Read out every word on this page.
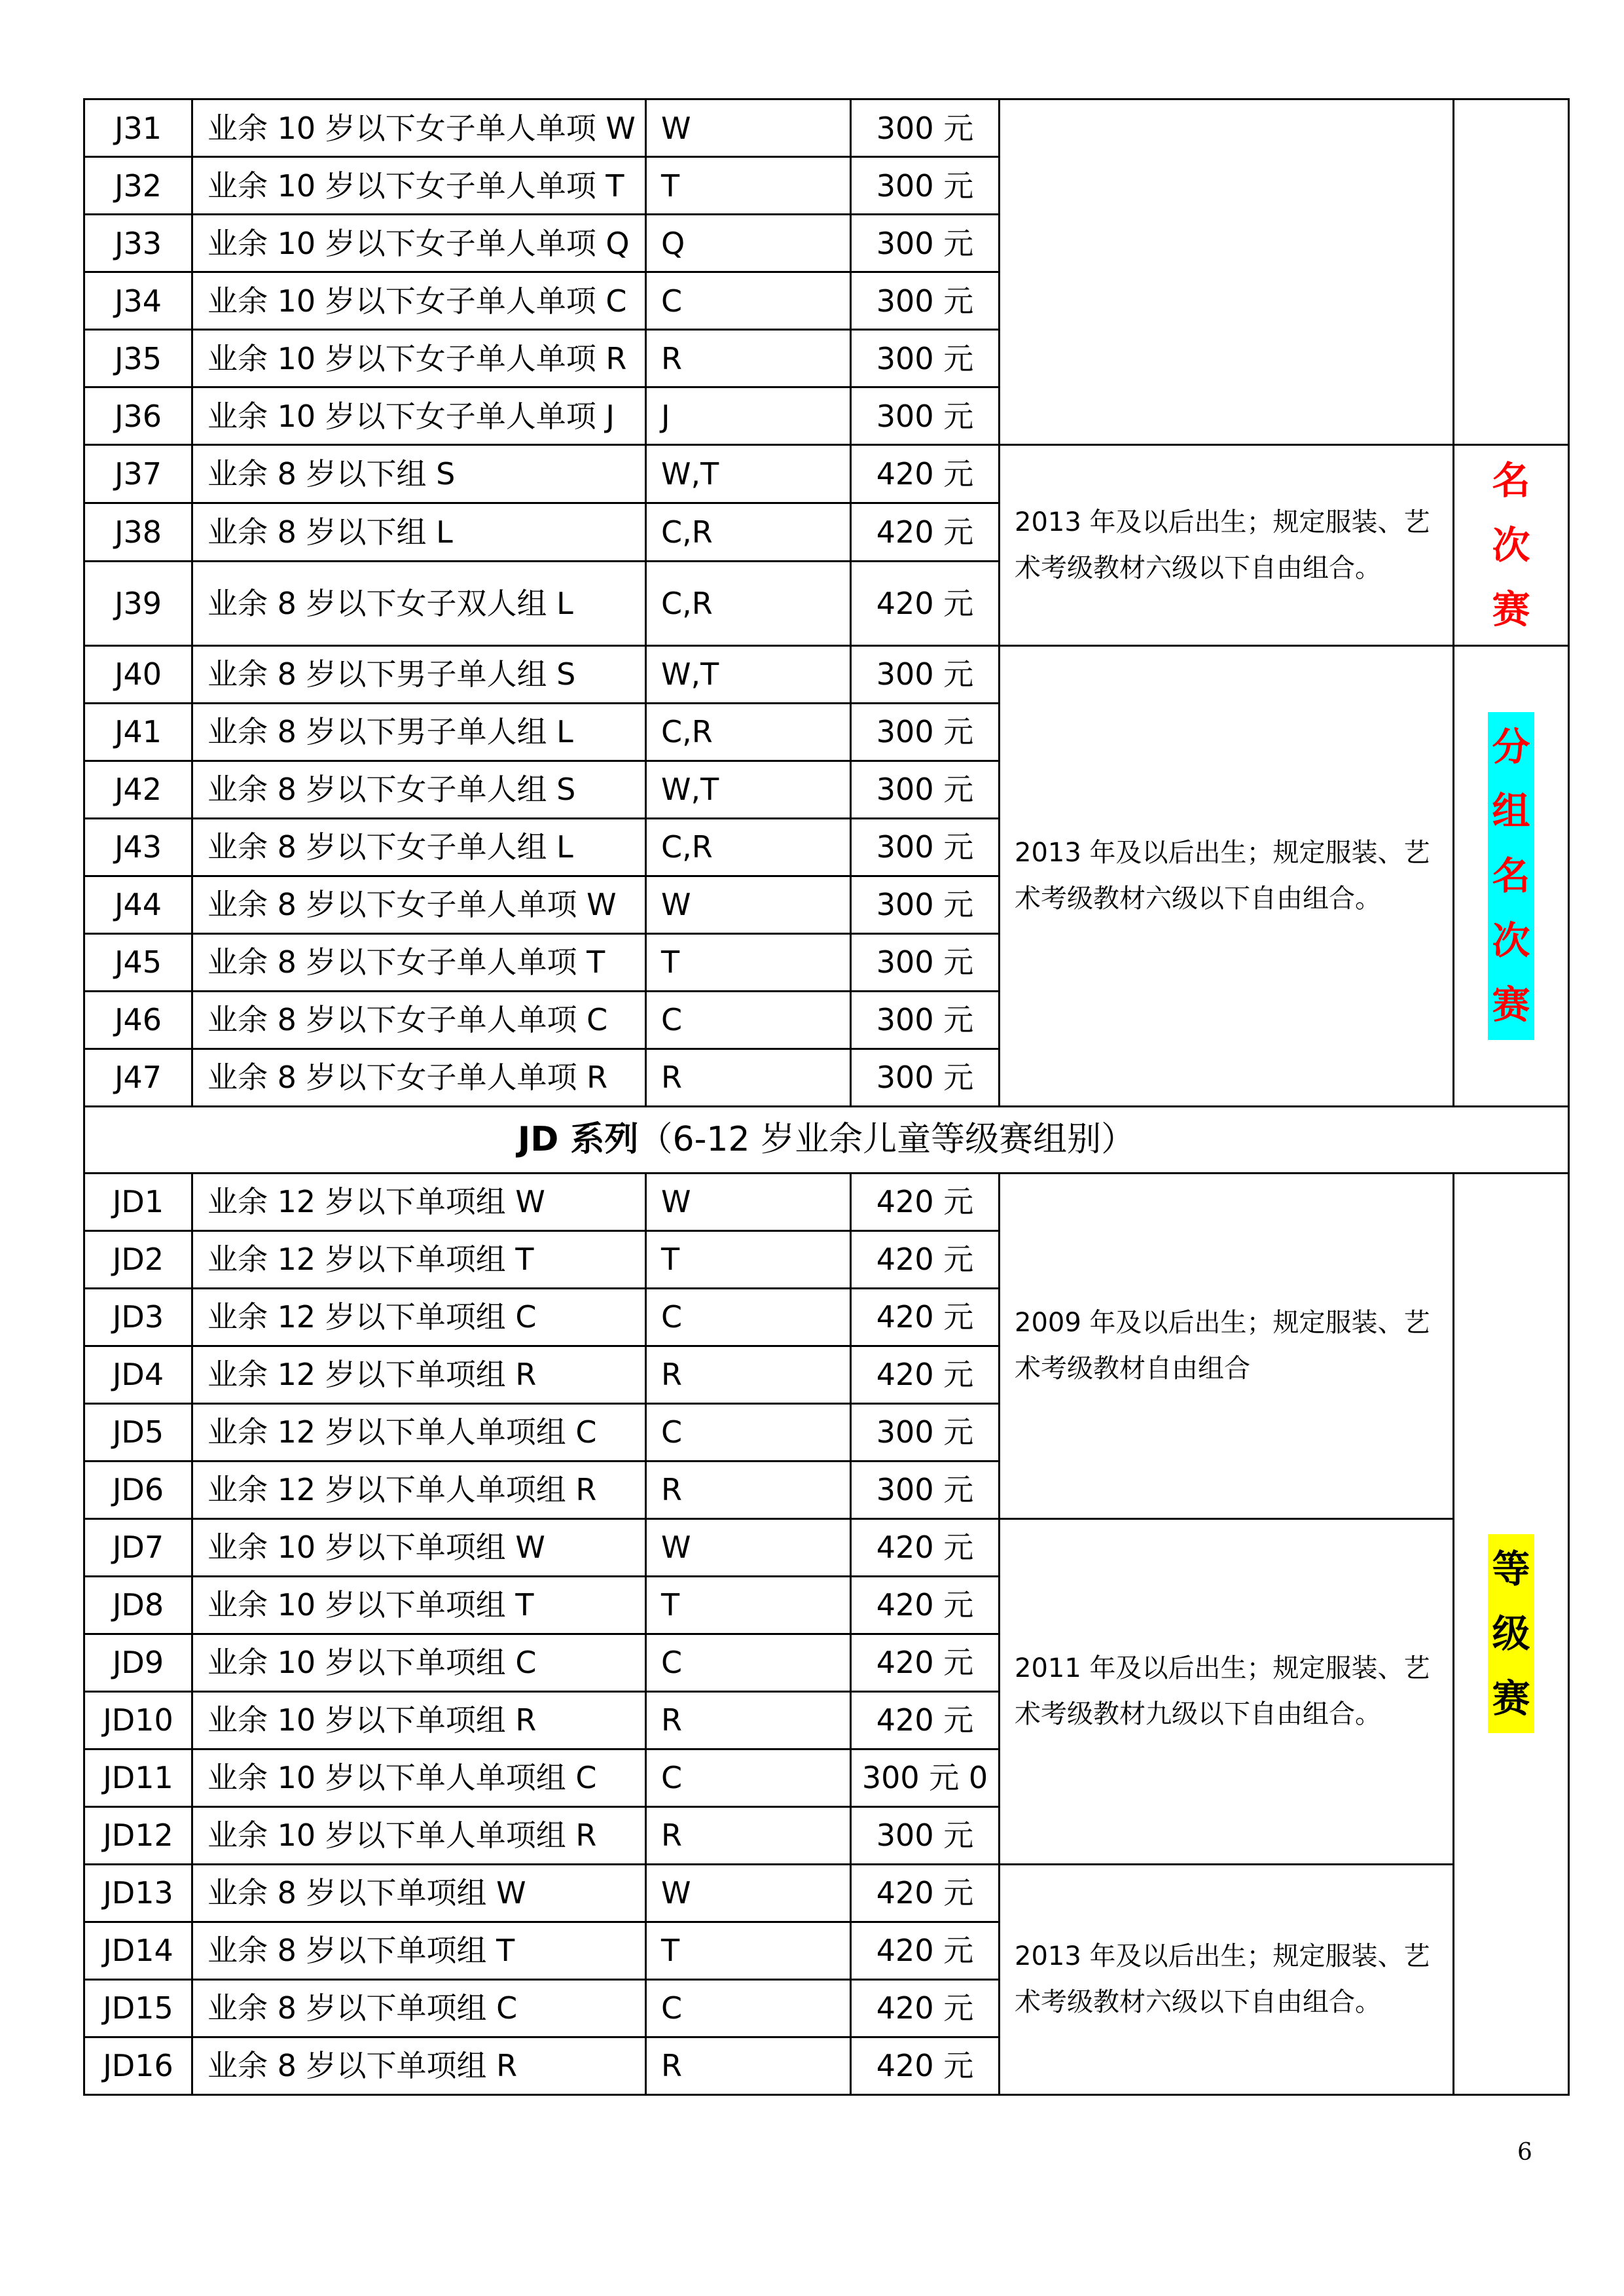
J31	业余 10 岁以下女子单人单项 W	W	300 元		
J32	业余 10 岁以下女子单人单项 T	T	300 元		
J33	业余 10 岁以下女子单人单项 Q	Q	300 元		
J34	业余 10 岁以下女子单人单项 C	C	300 元		
J35	业余 10 岁以下女子单人单项 R	R	300 元		
J36	业余 10 岁以下女子单人单项 J	J	300 元		
J37	业余 8 岁以下组 S	W,T	420 元	2013 年及以后出生；规定服装、艺术考级教材六级以下自由组合。	名
次
赛

J38	业余 8 岁以下组 L	C,R	420 元		
J39	业余 8 岁以下女子双人组 L	C,R	420 元		
J40	业余 8 岁以下男子单人组 S	W,T	300 元	2013 年及以后出生；规定服装、艺术考级教材六级以下自由组合。	分
组
名
次
赛

J41	业余 8 岁以下男子单人组 L	C,R	300 元		
J42	业余 8 岁以下女子单人组 S	W,T	300 元		
J43	业余 8 岁以下女子单人组 L	C,R	300 元		
J44	业余 8 岁以下女子单人单项 W	W	300 元		
J45	业余 8 岁以下女子单人单项 T	T	300 元		
J46	业余 8 岁以下女子单人单项 C	C	300 元		
J47	业余 8 岁以下女子单人单项 R	R	300 元		
JD 系列（6-12 岁业余儿童等级赛组别）					
JD1	业余 12 岁以下单项组 W	W	420 元	2009 年及以后出生；规定服装、艺术考级教材自由组合	等
级
赛

JD2	业余 12 岁以下单项组 T	T	420 元		
JD3	业余 12 岁以下单项组 C	C	420 元		
JD4	业余 12 岁以下单项组 R	R	420 元		
JD5	业余 12 岁以下单人单项组 C	C	300 元		
JD6	业余 12 岁以下单人单项组 R	R	300 元		
JD7	业余 10 岁以下单项组 W	W	420 元	2011 年及以后出生；规定服装、艺术考级教材九级以下自由组合。	
JD8	业余 10 岁以下单项组 T	T	420 元		
JD9	业余 10 岁以下单项组 C	C	420 元		
JD10	业余 10 岁以下单项组 R	R	420 元		
JD11	业余 10 岁以下单人单项组 C	C	300 元 0		
JD12	业余 10 岁以下单人单项组 R	R	300 元		
JD13	业余 8 岁以下单项组 W	W	420 元	2013 年及以后出生；规定服装、艺术考级教材六级以下自由组合。	
JD14	业余 8 岁以下单项组 T	T	420 元		
JD15	业余 8 岁以下单项组 C	C	420 元		
JD16	业余 8 岁以下单项组 R	R	420 元		
6
